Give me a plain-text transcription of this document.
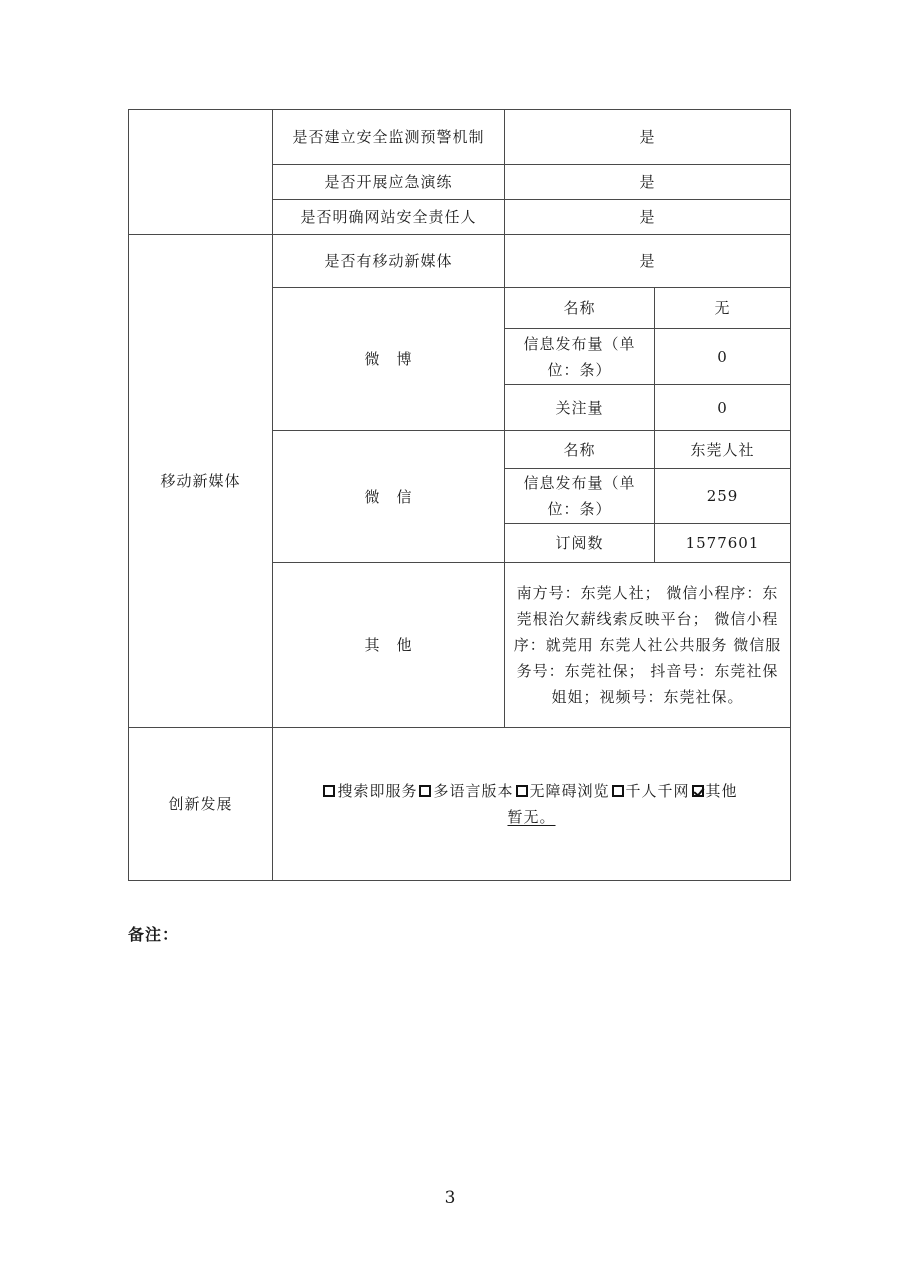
	是否建立安全监测预警机制	是	
	是否开展应急演练	是	
	是否明确网站安全责任人	是	
移动新媒体	是否有移动新媒体	是	
	微　博	名称	无
		信息发布量（单位：条）	0
		关注量	0
	微　信	名称	东莞人社
		信息发布量（单位：条）	259
		订阅数	1577601
	其　他	南方号：东莞人社； 微信小程序：东莞根治欠薪线索反映平台； 微信小程序：就莞用 东莞人社公共服务 微信服务号：东莞社保； 抖音号：东莞社保姐姐；视频号：东莞社保。	
创新发展	搜索即服务 多语言版本 无障碍浏览 千人千网 其他
暂无。		
备注：
3
